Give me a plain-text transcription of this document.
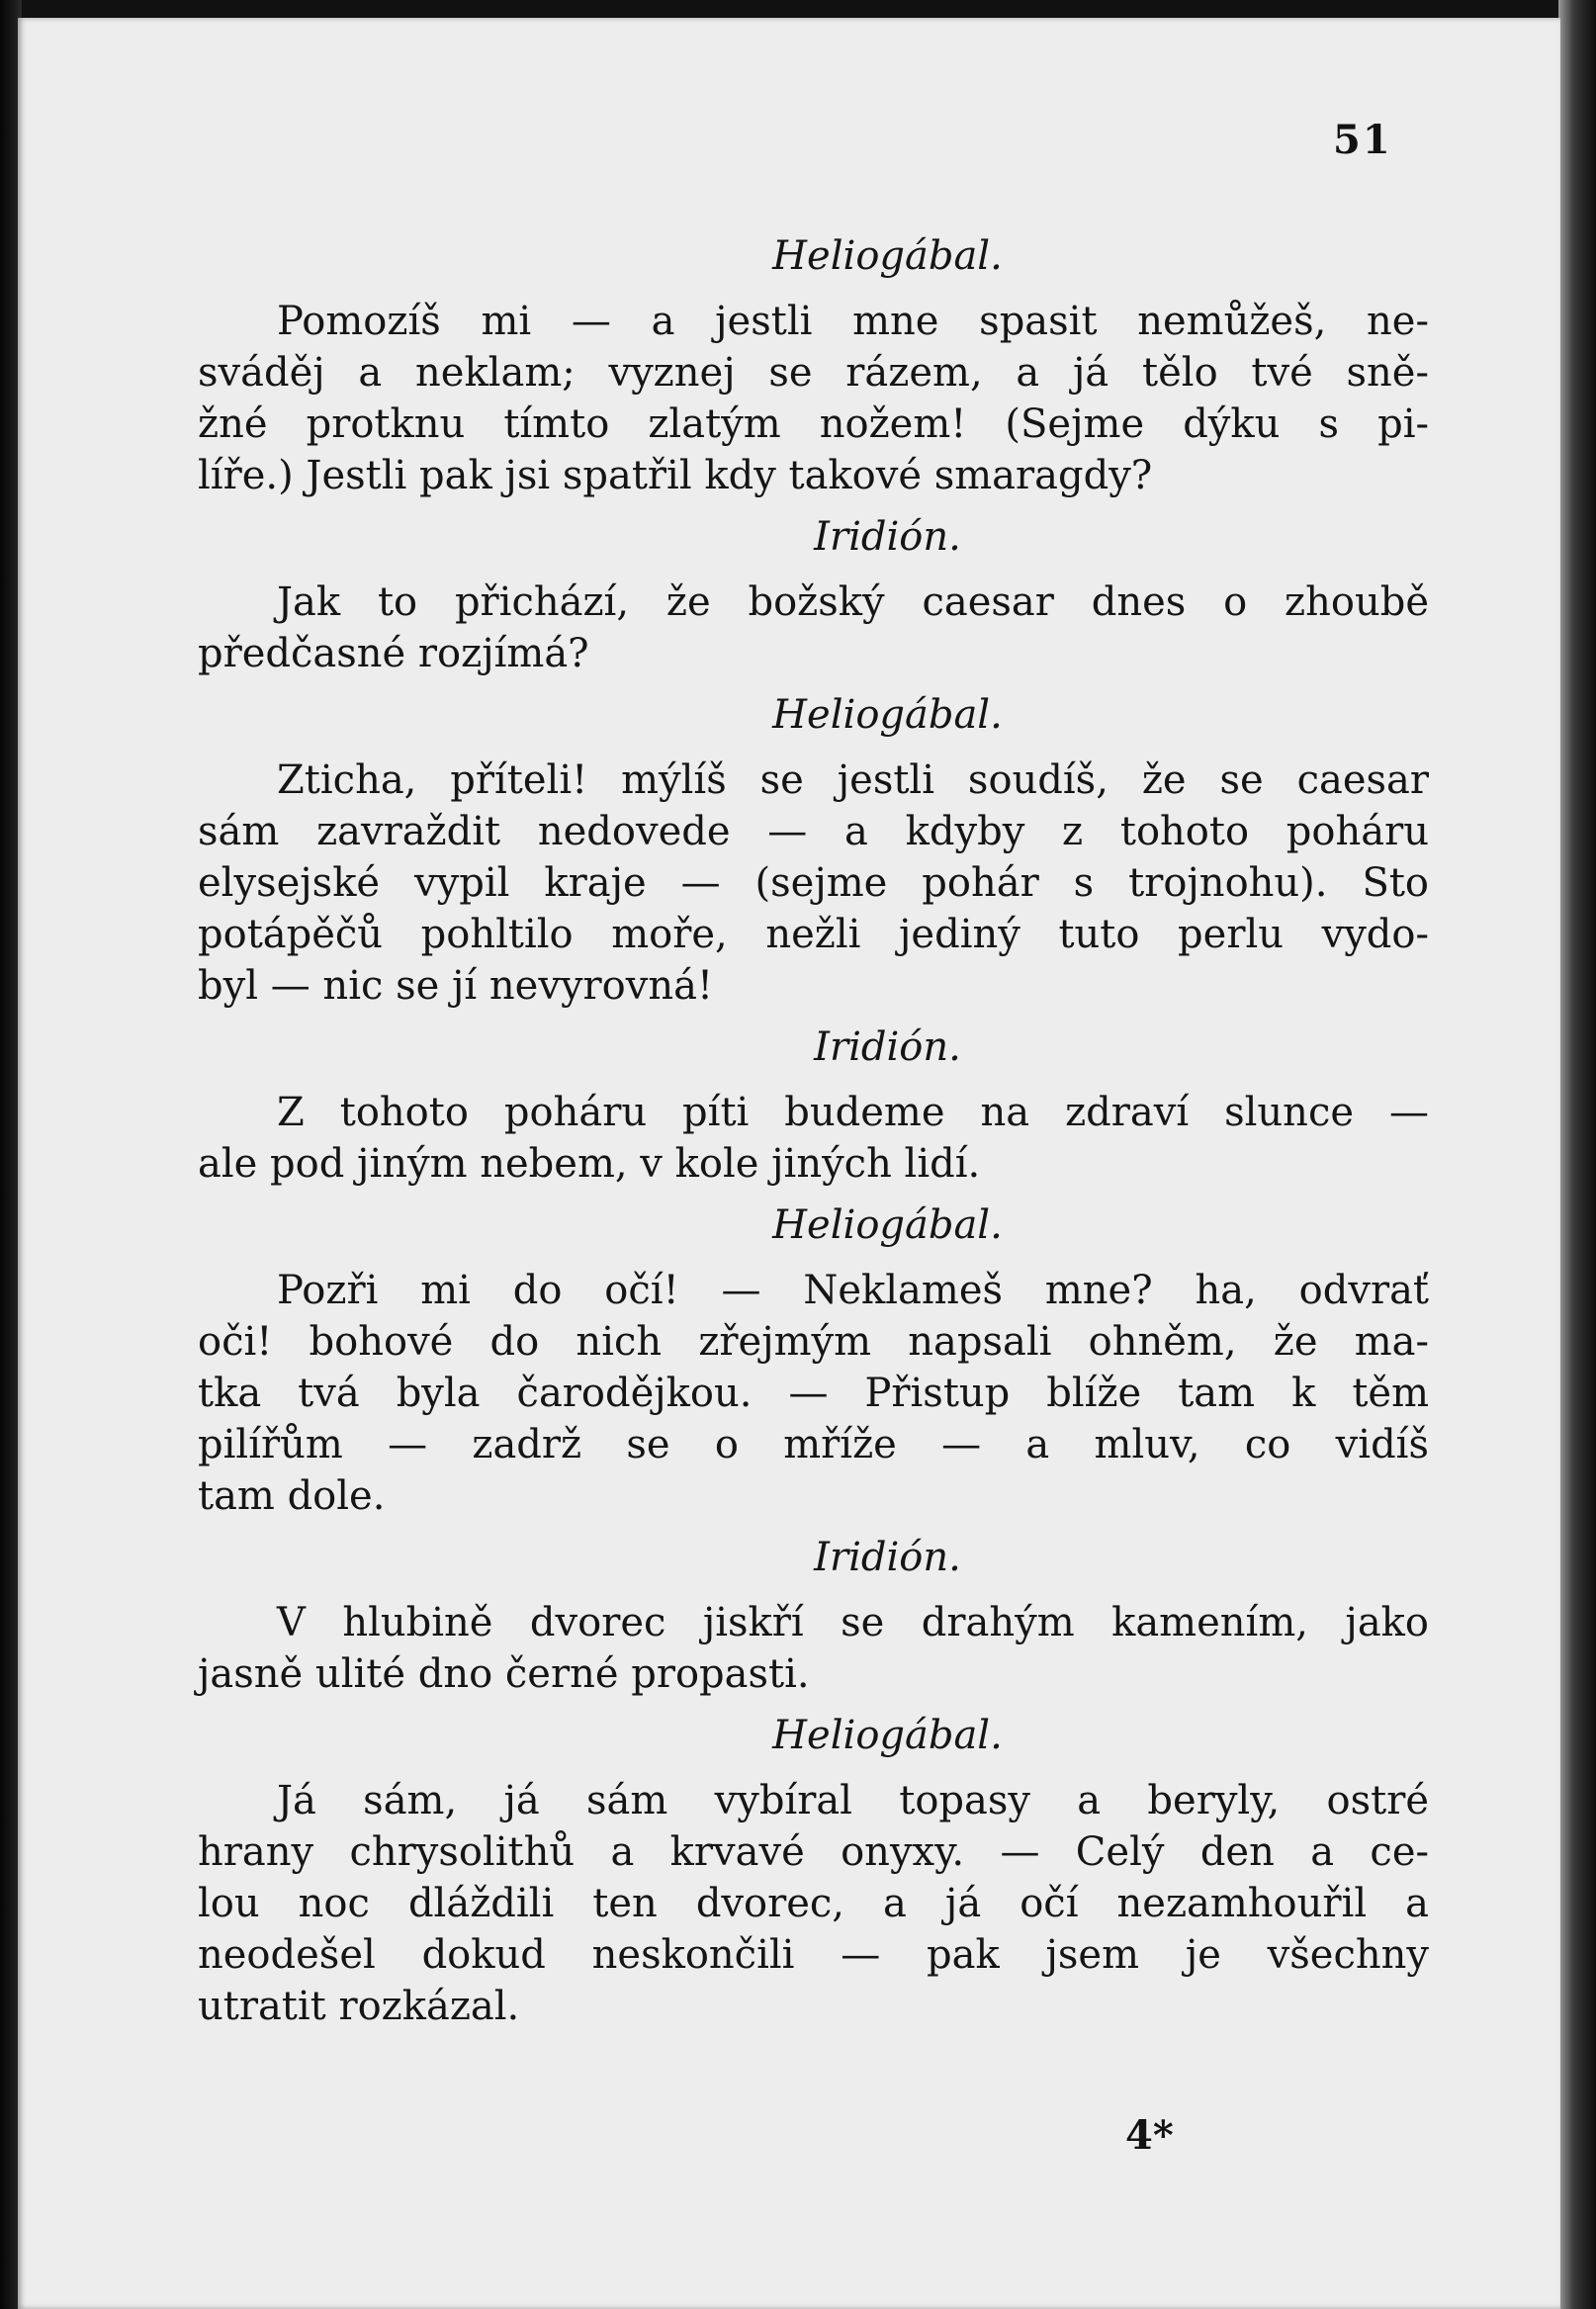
51
Heliogábal.
Pomozíš mi — a jestli mne spasit nemůžeš, ne-
sváděj a neklam; vyznej se rázem, a já tělo tvé sně-
žné protknu tímto zlatým nožem! (Sejme dýku s pi-
líře.) Jestli pak jsi spatřil kdy takové smaragdy?
Iridión.
Jak to přichází, že božský caesar dnes o zhoubě
předčasné rozjímá?
Heliogábal.
Zticha, příteli! mýlíš se jestli soudíš, že se caesar
sám zavraždit nedovede — a kdyby z tohoto poháru
elysejské vypil kraje — (sejme pohár s trojnohu). Sto
potápěčů pohltilo moře, nežli jediný tuto perlu vydo-
byl — nic se jí nevyrovná!
Iridión.
Z tohoto poháru píti budeme na zdraví slunce —
ale pod jiným nebem, v kole jiných lidí.
Heliogábal.
Pozři mi do očí! — Neklameš mne? ha, odvrať
oči! bohové do nich zřejmým napsali ohněm, že ma-
tka tvá byla čarodějkou. — Přistup blíže tam k těm
pilířům — zadrž se o mříže — a mluv, co vidíš
tam dole.
Iridión.
V hlubině dvorec jiskří se drahým kamením, jako
jasně ulité dno černé propasti.
Heliogábal.
Já sám, já sám vybíral topasy a beryly, ostré
hrany chrysolithů a krvavé onyxy. — Celý den a ce-
lou noc dláždili ten dvorec, a já očí nezamhouřil a
neodešel dokud neskončili — pak jsem je všechny
utratit rozkázal.
4*
